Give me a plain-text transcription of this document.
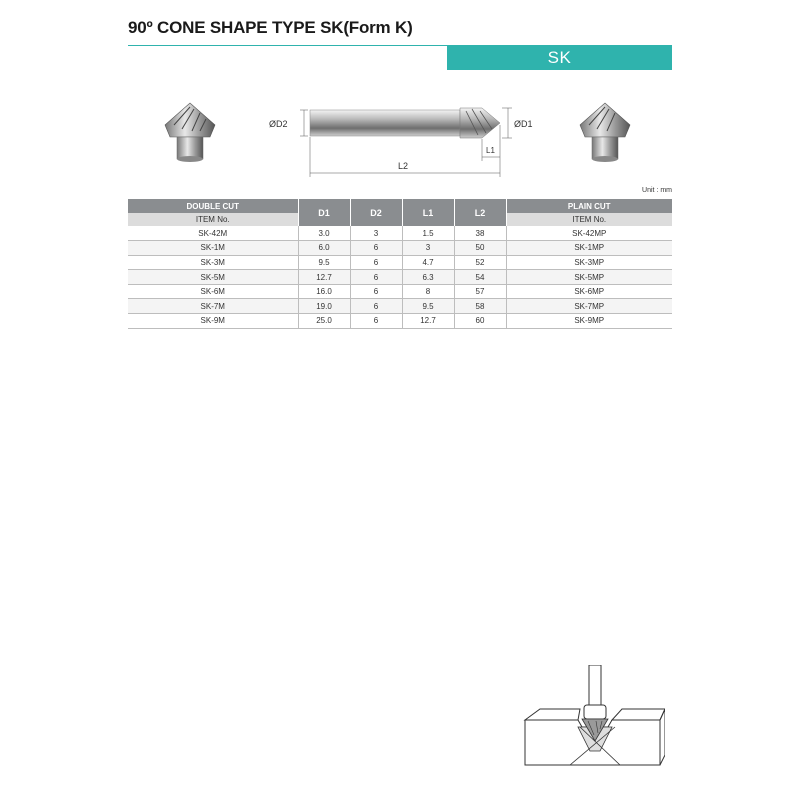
90º CONE SHAPE TYPE SK(Form K)
SK
ØD2	ØD1
L1
L2
Unit : mm
DOUBLE CUT	D1	D2	L1	L2	PLAIN CUT
ITEM No.					ITEM No.
SK-42M	3.0	3	1.5	38	SK-42MP
SK-1M	6.0	6	3	50	SK-1MP
SK-3M	9.5	6	4.7	52	SK-3MP
SK-5M	12.7	6	6.3	54	SK-5MP
SK-6M	16.0	6	8	57	SK-6MP
SK-7M	19.0	6	9.5	58	SK-7MP
SK-9M	25.0	6	12.7	60	SK-9MP
